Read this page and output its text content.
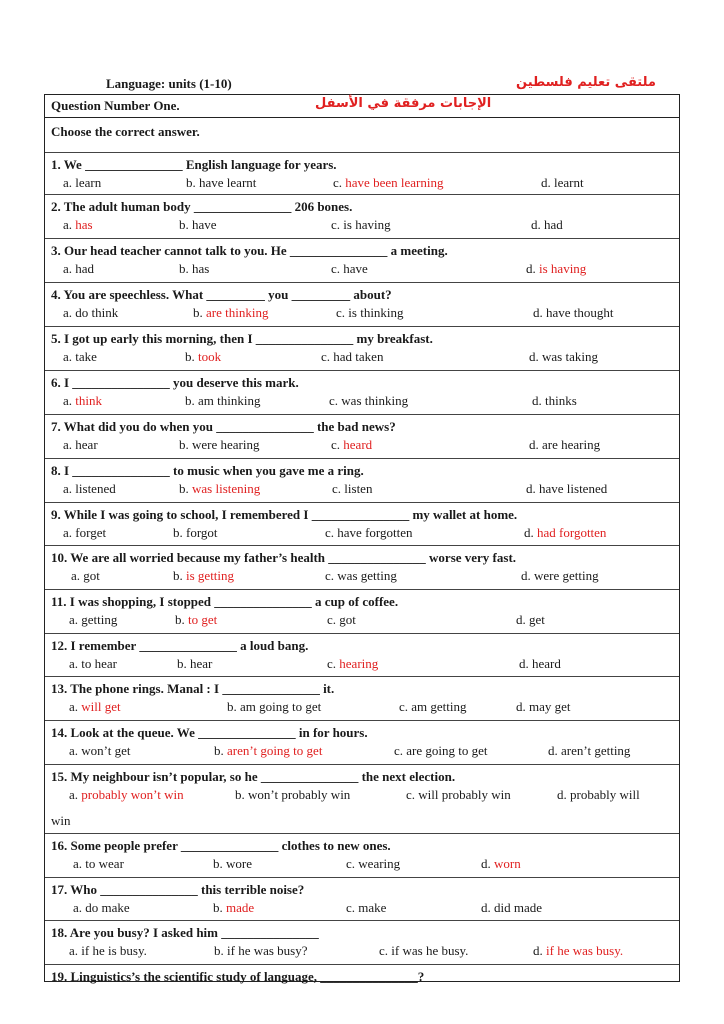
Language: units (1-10)	ملتقى تعليم فلسطين
Question Number One.	الإجابات مرفقة في الأسفل
Choose the correct answer.
1. We _______________ English language for years.
a. learn	b. have learnt	c. have been learning	d. learnt
2. The adult human body _______________ 206 bones.
a. has	b. have	c. is having	d. had
3. Our head teacher cannot talk to you. He _______________ a meeting.
a. had	b. has	c. have	d. is having
4. You are speechless. What _________ you _________ about?
a. do think	b. are thinking	c. is thinking	d. have thought
5. I got up early this morning, then I _______________ my breakfast.
a. take	b. took	c. had taken	d. was taking
6. I _______________ you deserve this mark.
a. think	b. am thinking	c. was thinking	d. thinks
7. What did you do when you _______________ the bad news?
a. hear	b. were hearing	c. heard	d. are hearing
8. I _______________ to music when you gave me a ring.
a. listened	b. was listening	c. listen	d. have listened
9. While I was going to school, I remembered I _______________ my wallet at home.
a. forget	b. forgot	c. have forgotten	d. had forgotten
10. We are all worried because my father’s health _______________ worse very fast.
a. got	b. is getting	c. was getting	d. were getting
11. I was shopping, I stopped _______________ a cup of coffee.
a. getting	b. to get	c. got	d. get
12. I remember _______________ a loud bang.
a. to hear	b. hear	c. hearing	d. heard
13. The phone rings. Manal : I _______________ it.
a. will get	b. am going to get	c. am getting	d. may get
14. Look at the queue. We _______________ in for hours.
a. won’t get	b. aren’t going to get	c. are going to get	d. aren’t getting
15. My neighbour isn’t popular, so he _______________ the next election.
a. probably won’t win	b. won’t probably win	c. will probably win	d. probably will
win
16. Some people prefer _______________ clothes to new ones.
a. to wear	b. wore	c. wearing	d. worn
17. Who _______________ this terrible noise?
a. do make	b. made	c. make	d. did made
18. Are you busy? I asked him _______________
a. if he is busy.	b. if he was busy?	c. if was he busy.	d. if he was busy.
19. Linguistics’s the scientific study of language, _______________?
